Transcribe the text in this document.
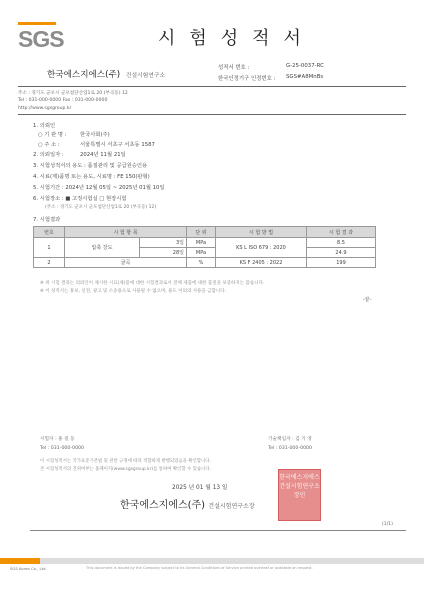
SGS	시험성적서
한국에스지에스(주) 건설시험연구소
성적서 번호 :	G-25-0037-RC
한국인정기구 인정번호 : SGS#A8MnBs
주소 : 경기도 군포시 군포첨단산업1로 20 (부곡동) 12
Tel : 031-000-0000 Fax : 031-000-0000
http://www.sgsgroup.kr
1. 의뢰인
○ 기 관 명 :	한국사회(주)
○ 주 소 :	서울특별시 서초구 서초동 1587
2. 의뢰일자 :	2024년 11월 21일
3. 시험성적서의 용도 : 품질관리 및 공급원승인용
4. 시료(제)품명 또는 용도, 시료명 : FE 150(판형)
5. 시험기간 : 2024년 12월 05일 ~ 2025년 01월 10일
6. 시험장소 : ■ 고정시험실 □ 현장시험
(주소 : 경기도 군포시 군포첨단산업1로 20 (부곡동) 12)
7. 시험결과
번호	시 험 항 목		단 위	시 험 방 법	시 험 결 과
1	압축 강도	3일	MPa	KS L ISO 679 : 2020	8.5
		28일	MPa		24.9
2	굴곡		%	KS F 2405 : 2022	199
※ 위 시험 결과는 의뢰인이 제시한 시료(제)품에 대한 시험결과로서 전체 제품에 대한 품질을 보증하지는 않습니다.
※ 이 성적서는 홍보, 선전, 광고 및 소송용으로 사용될 수 없으며, 용도 이외의 사용을 금합니다.
-끝-
시험자 : 홍 길 동
Tel : 031-000-0000
기술책임자 : 김 기 영
Tel : 031-000-0000
이 시험성적서는 국가표준기본법 및 관련 규정에 따라 적합하게 발행되었음을 확인합니다.
본 시험성적서의 진위여부는 홈페이지(www.sgsgroup.kr)를 통하여 확인할 수 있습니다.
2025 년 01 월 13 일
한국에스지에스(주) 건설시험연구소장
한국에스지에스 건설시험연구소장인
(1/1)
This document is issued by the Company subject to its General Conditions of Service printed overleaf or available on request.
SGS Korea Co., Ltd.
